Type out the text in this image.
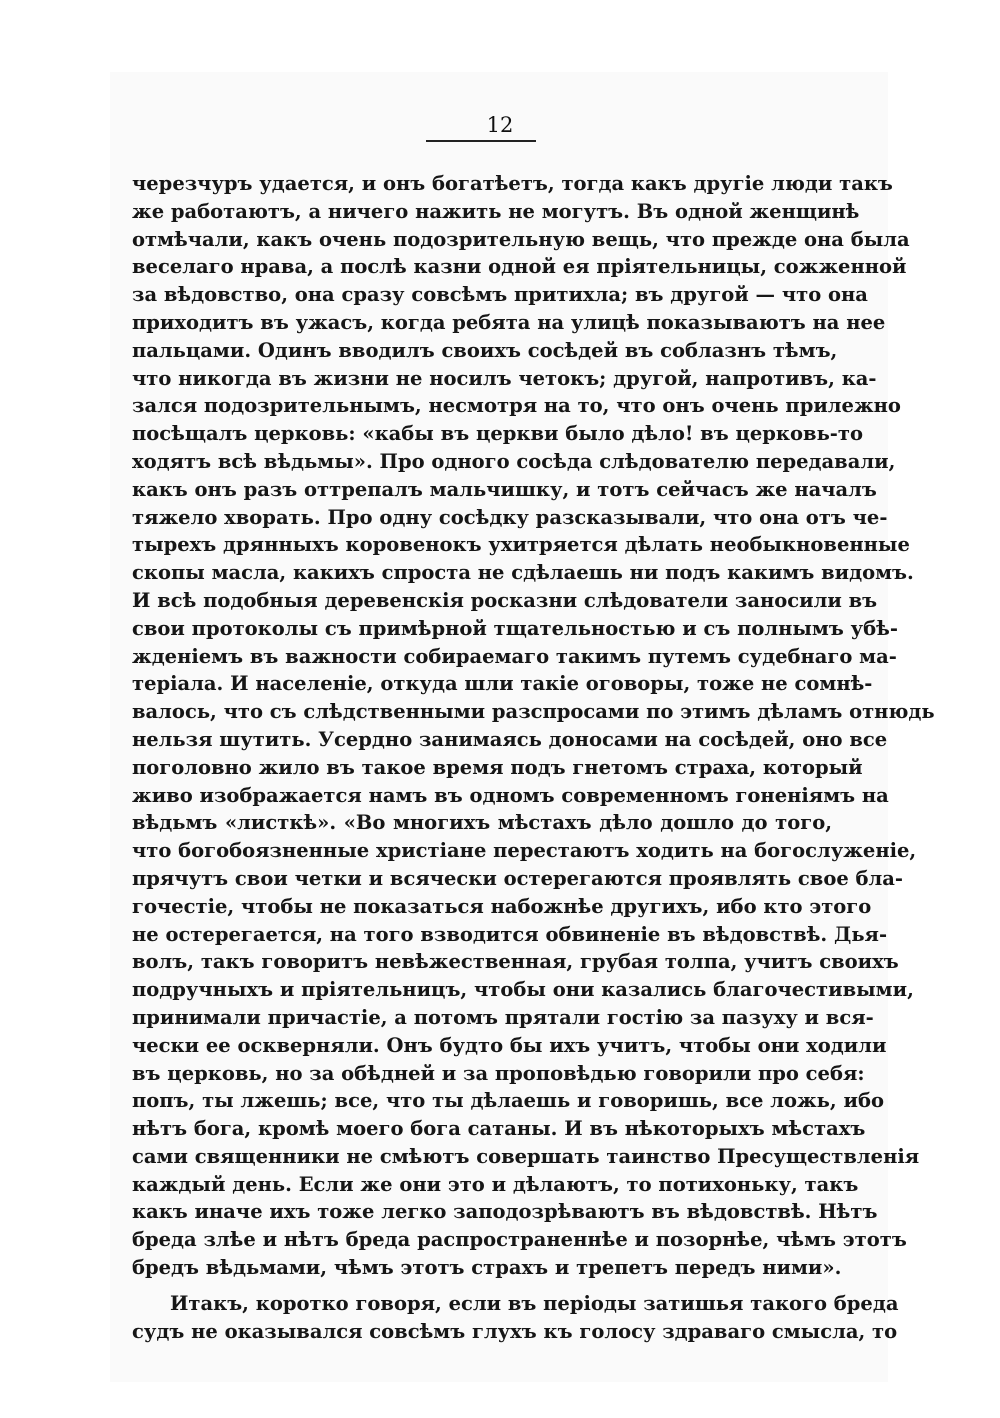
12
черезчуръ удается, и онъ богатѣетъ, тогда какъ другіе люди такъ
же работаютъ, а ничего нажить не могутъ. Въ одной женщинѣ
отмѣчали, какъ очень подозрительную вещь, что прежде она была
веселаго нрава, а послѣ казни одной ея пріятельницы, сожженной
за вѣдовство, она сразу совсѣмъ притихла; въ другой — что она
приходитъ въ ужасъ, когда ребята на улицѣ показываютъ на нее
пальцами. Одинъ вводилъ своихъ сосѣдей въ соблазнъ тѣмъ,
что никогда въ жизни не носилъ четокъ; другой, напротивъ, ка-
зался подозрительнымъ, несмотря на то, что онъ очень прилежно
посѣщалъ церковь: «кабы въ церкви было дѣло! въ церковь-то
ходятъ всѣ вѣдьмы». Про одного сосѣда слѣдователю передавали,
какъ онъ разъ оттрепалъ мальчишку, и тотъ сейчасъ же началъ
тяжело хворать. Про одну сосѣдку разсказывали, что она отъ че-
тырехъ дрянныхъ коровенокъ ухитряется дѣлать необыкновенные
скопы масла, какихъ спроста не сдѣлаешь ни подъ какимъ видомъ.
И всѣ подобныя деревенскія росказни слѣдователи заносили въ
свои протоколы съ примѣрной тщательностью и съ полнымъ убѣ-
жденіемъ въ важности собираемаго такимъ путемъ судебнаго ма-
теріала. И населеніе, откуда шли такіе оговоры, тоже не сомнѣ-
валось, что съ слѣдственными разспросами по этимъ дѣламъ отнюдь
нельзя шутить. Усердно занимаясь доносами на сосѣдей, оно все
поголовно жило въ такое время подъ гнетомъ страха, который
живо изображается намъ въ одномъ современномъ гоненіямъ на
вѣдьмъ «листкѣ». «Во многихъ мѣстахъ дѣло дошло до того,
что богобоязненные христіане перестаютъ ходить на богослуженіе,
прячутъ свои четки и всячески остерегаются проявлять свое бла-
гочестіе, чтобы не показаться набожнѣе другихъ, ибо кто этого
не остерегается, на того взводится обвиненіе въ вѣдовствѣ. Дья-
волъ, такъ говоритъ невѣжественная, грубая толпа, учитъ своихъ
подручныхъ и пріятельницъ, чтобы они казались благочестивыми,
принимали причастіе, а потомъ прятали гостію за пазуху и вся-
чески ее оскверняли. Онъ будто бы ихъ учитъ, чтобы они ходили
въ церковь, но за обѣдней и за проповѣдью говорили про себя:
попъ, ты лжешь; все, что ты дѣлаешь и говоришь, все ложь, ибо
нѣтъ бога, кромѣ моего бога сатаны. И въ нѣкоторыхъ мѣстахъ
сами священники не смѣютъ совершать таинство Пресуществленія
каждый день. Если же они это и дѣлаютъ, то потихоньку, такъ
какъ иначе ихъ тоже легко заподозрѣваютъ въ вѣдовствѣ. Нѣтъ
бреда злѣе и нѣтъ бреда распространеннѣе и позорнѣе, чѣмъ этотъ
бредъ вѣдьмами, чѣмъ этотъ страхъ и трепетъ передъ ними».
Итакъ, коротко говоря, если въ періоды затишья такого бреда
судъ не оказывался совсѣмъ глухъ къ голосу здраваго смысла, то
